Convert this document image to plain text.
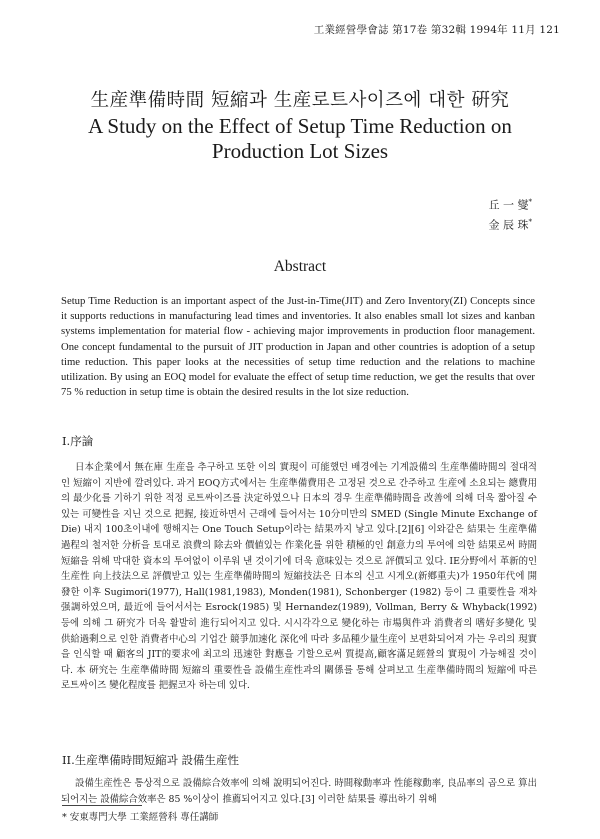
工業經營學會誌 第17卷 第32輯 1994年 11月 121
生産準備時間 短縮과 生産로트사이즈에 대한 硏究
A Study on the Effect of Setup Time Reduction on
Production Lot Sizes
丘 一 燮*
金 辰 珠*
Abstract

Setup Time Reduction is an important aspect of the Just-in-Time(JIT) and Zero Inventory(ZI) Concepts since it supports reductions in manufacturing lead times and inventories. It also enables small lot sizes and kanban systems implementation for material flow - achieving major improvements in production floor management. One concept fundamental to the pursuit of JIT production in Japan and other countries is adoption of a setup time reduction. This paper looks at the necessities of setup time reduction and the relations to machine utilization. By using an EOQ model for evaluate the effect of setup time reduction, we get the results that over 75 % reduction in setup time is obtain the desired results in the lot size reduction.

I.序論

日本企業에서 無在庫 生産을 추구하고 또한 이의 實現이 可能했던 배경에는 기계設備의 生産準備時間의 절대적인 短縮이 지반에 깔려있다. 과거 EOQ方式에서는 生産準備費用은 고정된 것으로 간주하고 生産에 소요되는 總費用의 最少化를 기하기 위한 적정 로트싸이즈를 決定하였으나 日本의 경우 生産準備時間을 改善에 의해 더욱 짧아질 수 있는 可變性을 지닌 것으로 把握, 接近하면서 근래에 들어서는 10分미만의 SMED (Single Minute Exchange of Die) 내지 100초이내에 행해지는 One Touch Setup이라는 結果까지 낳고 있다.[2][6] 이와같은 結果는 生産準備過程의 철저한 分析을 토대로 浪費의 除去와 價値있는 作業化를 위한 積極的인 創意力의 투여에 의한 結果로써 時間短縮을 위해 막대한 資本의 투여없이 이루워 낸 것이기에 더욱 意味있는 것으로 評價되고 있다. IE分野에서 革新的인 生産性 向上技法으로 評價받고 있는 生産準備時間의 短縮技法은 日本의 신고 시게오(新鄕重夫)가 1950年代에 開發한 이후 Sugimori(1977), Hall(1981,1983), Monden(1981), Schonberger (1982) 등이 그 重要性을 재차 强調하였으며, 最近에 들어서서는 Esrock(1985) 및 Hernandez(1989), Vollman, Berry & Whyback(1992)등에 의해 그 硏究가 더욱 활발히 進行되어지고 있다. 시시각각으로 變化하는 市場與件과 消費者의 嗜好多變化 및 供給過剩으로 인한 消費者中心의 기업간 競爭加速化 深化에 따라 多品種少量生産이 보편화되어져 가는 우리의 現實을 인식할 때 顧客의 JIT的要求에 최고의 迅速한 對應을 기할으로써 質提高,顧客滿足經營의 實現이 가능해질 것이다. 本 硏究는 生産準備時間 短縮의 重要性을 設備生産性과의 關係를 통해 살펴보고 生産準備時間의 短縮에 따른 로트싸이즈 變化程度를 把握코자 하는데 있다.

II.生産準備時間短縮과 設備生産性

設備生産性은 통상적으로 設備綜合效率에 의해 說明되어진다. 時間稼動率과 性能稼動率, 良品率의 곱으로 算出되어지는 設備綜合效率은 85 %이상이 推薦되어지고 있다.[3] 이러한 結果를 導出하기 위해

* 安東專門大學 工業經營科 專任講師
